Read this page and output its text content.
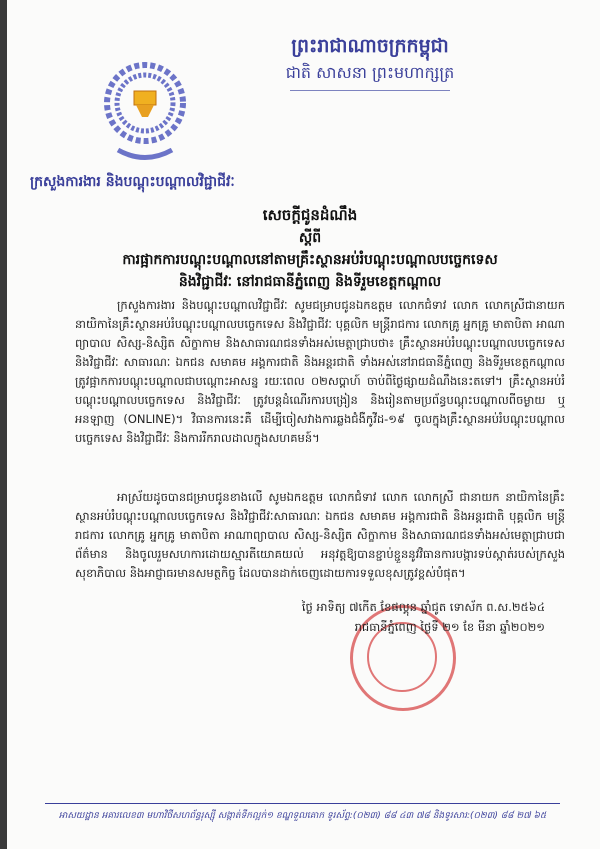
ព្រះរាជាណាចក្រកម្ពុជា
ជាតិ សាសនា ព្រះមហាក្សត្រ
ក្រសួងការងារ និងបណ្តុះបណ្តាលវិជ្ជាជីវៈ
សេចក្តីជូនដំណឹង
ស្តីពី
ការផ្អាកការបណ្តុះបណ្តាលនៅតាមគ្រឹះស្ថានអប់រំបណ្តុះបណ្តាលបច្ចេកទេស
និងវិជ្ជាជីវៈ នៅរាជធានីភ្នំពេញ និងទីរួមខេត្តកណ្តាល
ក្រសួងការងារ និងបណ្តុះបណ្តាលវិជ្ជាជីវៈ សូមជម្រាបជូនឯកឧត្តម លោកជំទាវ លោក លោកស្រីជានាយក នាយិកានៃគ្រឹះស្ថានអប់រំបណ្តុះបណ្តាលបច្ចេកទេស និងវិជ្ជាជីវៈ បុគ្គលិក មន្ត្រីរាជការ លោកគ្រូ អ្នកគ្រូ មាតាបិតា អាណាព្យាបាល សិស្ស-និស្សិត សិក្ខាកាម និងសាធារណជនទាំងអស់មេត្តាជ្រាបថា៖ គ្រឹះស្ថានអប់រំបណ្តុះបណ្តាលបច្ចេកទេស និងវិជ្ជាជីវៈ សាធារណៈ ឯកជន សមាគម អង្គការជាតិ និងអន្តរជាតិ ទាំងអស់នៅរាជធានីភ្នំពេញ និងទីរួមខេត្តកណ្តាល ត្រូវផ្អាកការបណ្តុះបណ្តាលជាបណ្តោះអាសន្ន រយៈពេល ០២សប្តាហ៍ ចាប់ពីថ្ងៃផ្សាយដំណឹងនេះតទៅ។ គ្រឹះស្ថានអប់រំបណ្តុះបណ្តាលបច្ចេកទេស និងវិជ្ជាជីវៈ ត្រូវបន្តដំណើរការបង្រៀន និងរៀនតាមប្រព័ន្ធបណ្តុះបណ្តាលពីចម្ងាយ ឬ អនឡាញ (ONLINE)។ វិធានការនេះគឺ ដើម្បីចៀសវាងការឆ្លងជំងឺកូវីដ-១៩ ចូលក្នុងគ្រឹះស្ថានអប់រំបណ្តុះបណ្តាលបច្ចេកទេស និងវិជ្ជាជីវៈ និងការរីករាលដាលក្នុងសហគមន៍។
អាស្រ័យដូចបានជម្រាបជូនខាងលើ សូមឯកឧត្តម លោកជំទាវ លោក លោកស្រី ជានាយក នាយិកានៃគ្រឹះស្ថានអប់រំបណ្តុះបណ្តាលបច្ចេកទេស និងវិជ្ជាជីវៈសាធារណៈ ឯកជន សមាគម អង្គការជាតិ និងអន្តរជាតិ បុគ្គលិក មន្ត្រីរាជការ លោកគ្រូ អ្នកគ្រូ មាតាបិតា អាណាព្យាបាល សិស្ស-និស្សិត សិក្ខាកាម និងសាធារណជនទាំងអស់មេត្តាជ្រាបជាព័ត៌មាន និងចូលរួមសហការដោយស្មារតីយោគយល់ អនុវត្តឱ្យបានខ្ជាប់ខ្ជួននូវវិធានការបង្ការទប់ស្កាត់របស់ក្រសួងសុខាភិបាល និងអាជ្ញាធរមានសមត្ថកិច្ច ដែលបានដាក់ចេញដោយការទទួលខុសត្រូវខ្ពស់បំផុត។
ថ្ងៃ អាទិត្យ ៧កើត ខែផល្គុន ឆ្នាំជូត ទោស័ក ព.ស.២៥៦៤
រាជធានីភ្នំពេញ ថ្ងៃទី ២១ ខែ មីនា ឆ្នាំ២០២១
អាសយដ្ឋាន អគារលេខ៣ មហាវិថីសហព័ន្ធរុស្ស៊ី សង្កាត់ទឹកល្អក់១ ខណ្ឌទួលគោក ទូរស័ព្ទ:(០២៣) ៨៨ ៤៣ ៧៨ និងទូរសារ:(០២៣) ៨៨ ២៧ ៦៥
